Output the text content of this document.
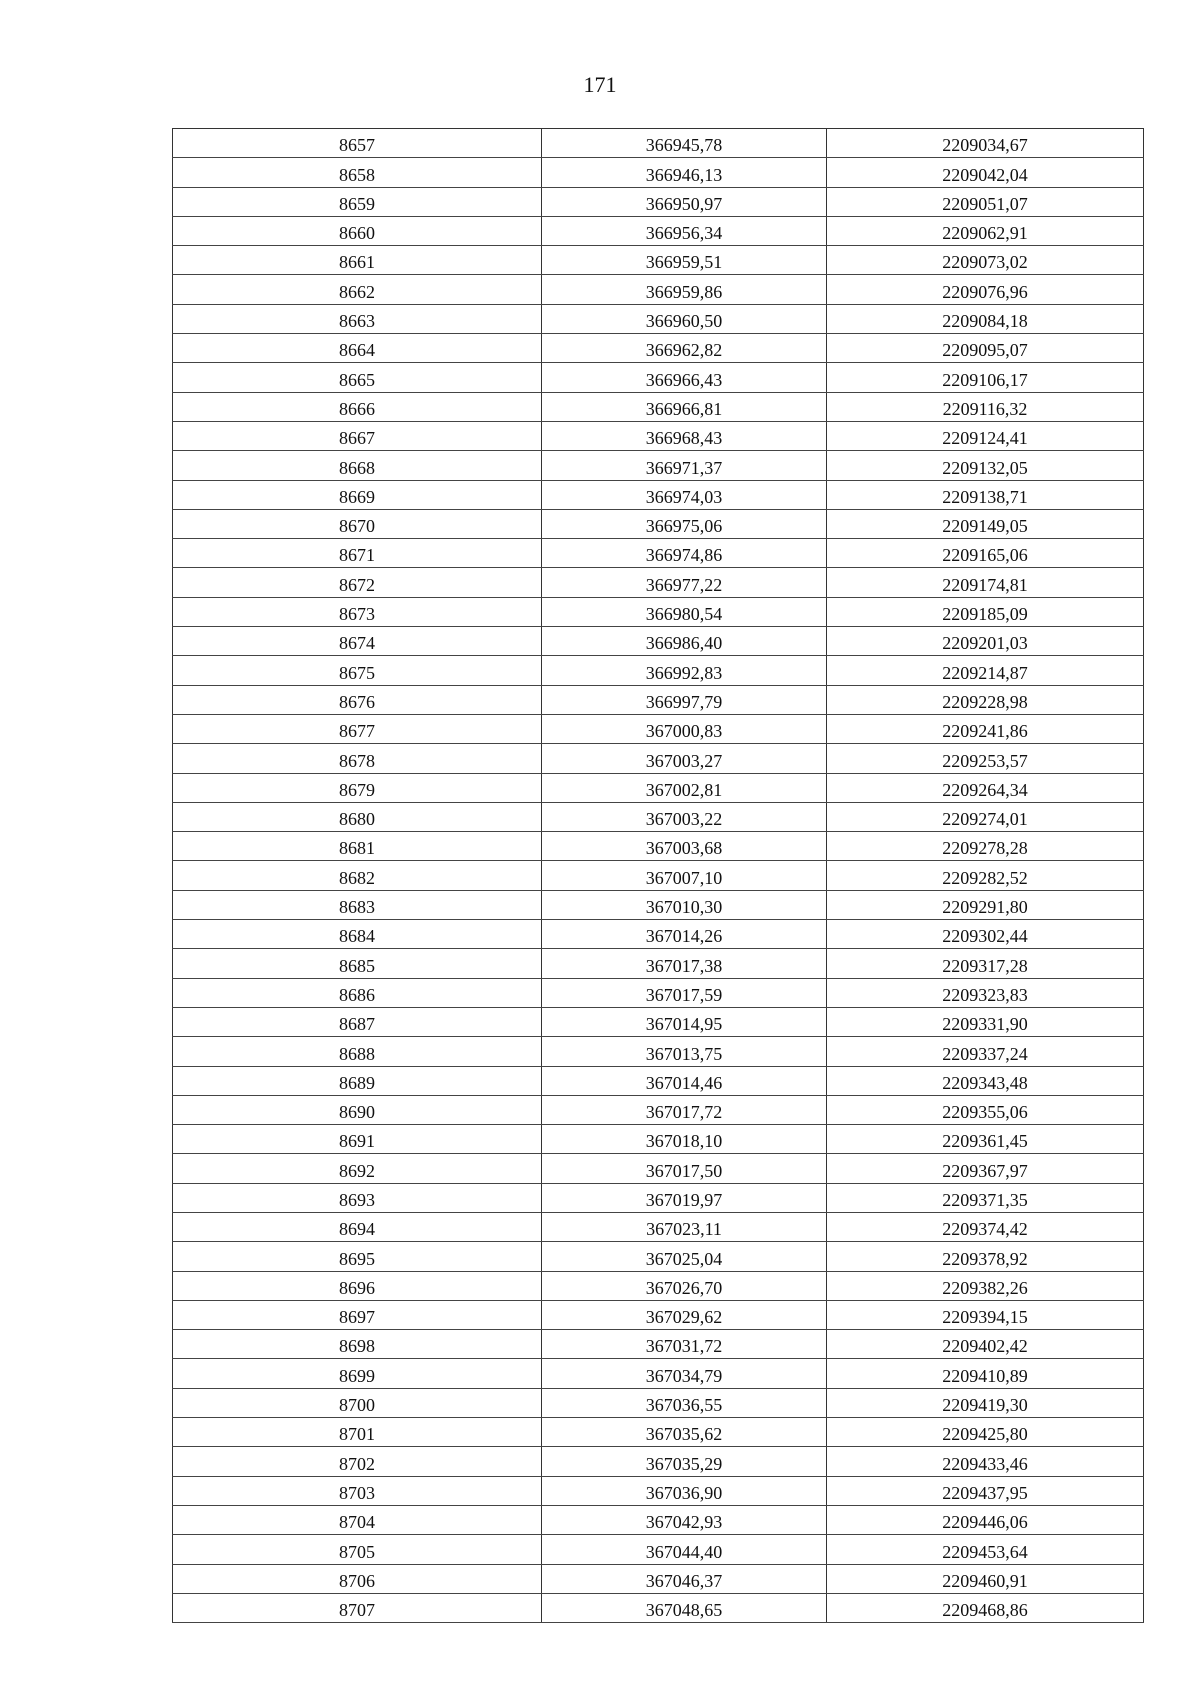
171
8657	366945,78	2209034,67
8658	366946,13	2209042,04
8659	366950,97	2209051,07
8660	366956,34	2209062,91
8661	366959,51	2209073,02
8662	366959,86	2209076,96
8663	366960,50	2209084,18
8664	366962,82	2209095,07
8665	366966,43	2209106,17
8666	366966,81	2209116,32
8667	366968,43	2209124,41
8668	366971,37	2209132,05
8669	366974,03	2209138,71
8670	366975,06	2209149,05
8671	366974,86	2209165,06
8672	366977,22	2209174,81
8673	366980,54	2209185,09
8674	366986,40	2209201,03
8675	366992,83	2209214,87
8676	366997,79	2209228,98
8677	367000,83	2209241,86
8678	367003,27	2209253,57
8679	367002,81	2209264,34
8680	367003,22	2209274,01
8681	367003,68	2209278,28
8682	367007,10	2209282,52
8683	367010,30	2209291,80
8684	367014,26	2209302,44
8685	367017,38	2209317,28
8686	367017,59	2209323,83
8687	367014,95	2209331,90
8688	367013,75	2209337,24
8689	367014,46	2209343,48
8690	367017,72	2209355,06
8691	367018,10	2209361,45
8692	367017,50	2209367,97
8693	367019,97	2209371,35
8694	367023,11	2209374,42
8695	367025,04	2209378,92
8696	367026,70	2209382,26
8697	367029,62	2209394,15
8698	367031,72	2209402,42
8699	367034,79	2209410,89
8700	367036,55	2209419,30
8701	367035,62	2209425,80
8702	367035,29	2209433,46
8703	367036,90	2209437,95
8704	367042,93	2209446,06
8705	367044,40	2209453,64
8706	367046,37	2209460,91
8707	367048,65	2209468,86
